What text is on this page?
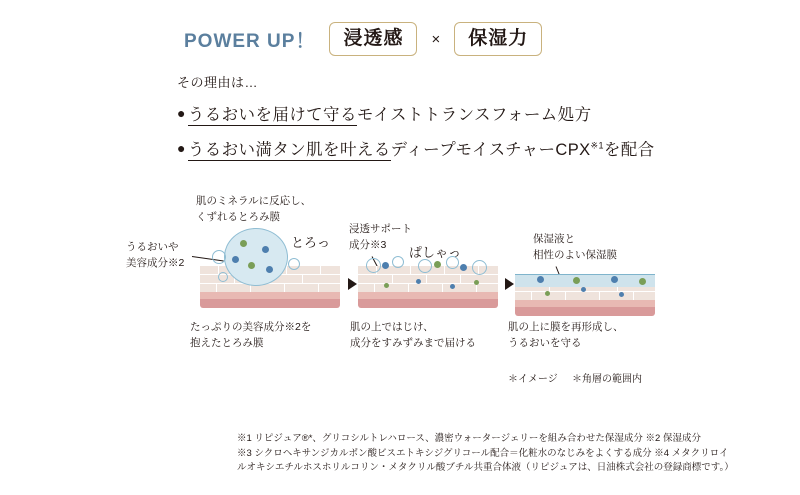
POWER UP！	浸透感	×	保湿力
その理由は…
● うるおいを届けて守るモイストトランスフォーム処方
● うるおい満タン肌を叶えるディープモイスチャーCPX$^{※1}$を配合
肌のミネラルに反応し、
くずれるとろみ膜
うるおいや
美容成分※2
とろっ
たっぷりの美容成分※2を
抱えたとろみ膜
浸透サポート
成分※3 ぱしゃっ
肌の上ではじけ、
成分をすみずみまで届ける
保湿液と
相性のよい保湿膜
肌の上に膜を再形成し、
うるおいを守る
＊イメージ ＊角層の範囲内
※1 リピジュア®*、グリコシルトレハロース、濃密ウォータージェリーを組み合わせた保湿成分 ※2 保湿成分
※3 シクロヘキサンジカルボン酸ビスエトキシジグリコール配合＝化粧水のなじみをよくする成分 ※4 メタクリロイ
ルオキシエチルホスホリルコリン・メタクリル酸ブチル共重合体液（リピジュアは、日油株式会社の登録商標です。）
